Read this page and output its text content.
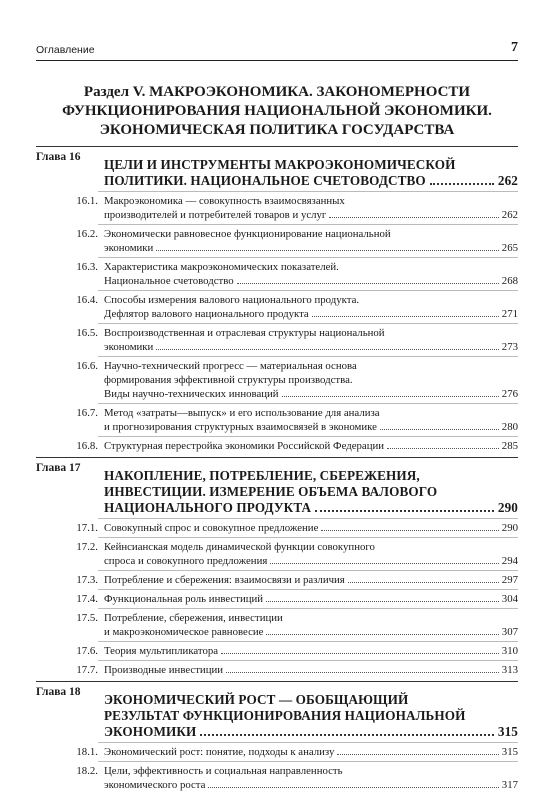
Оглавление	7
Раздел V. МАКРОЭКОНОМИКА. ЗАКОНОМЕРНОСТИ
ФУНКЦИОНИРОВАНИЯ НАЦИОНАЛЬНОЙ ЭКОНОМИКИ.
ЭКОНОМИЧЕСКАЯ ПОЛИТИКА ГОСУДАРСТВА
Глава 16 ЦЕЛИ И ИНСТРУМЕНТЫ МАКРОЭКОНОМИЧЕСКОЙ
ПОЛИТИКИ. НАЦИОНАЛЬНОЕ СЧЕТОВОДСТВО	262
16.1. Макроэкономика — совокупность взаимосвязанных
производителей и потребителей товаров и услуг	262
16.2. Экономически равновесное функционирование национальной
экономики	265
16.3. Характеристика макроэкономических показателей.
Национальное счетоводство	268
16.4. Способы измерения валового национального продукта.
Дефлятор валового национального продукта	271
16.5. Воспроизводственная и отраслевая структуры национальной
экономики	273
16.6. Научно-технический прогресс — материальная основа
формирования эффективной структуры производства.
Виды научно-технических инноваций	276
16.7. Метод «затраты—выпуск» и его использование для анализа
и прогнозирования структурных взаимосвязей в экономике	280
16.8. Структурная перестройка экономики Российской Федерации	285
Глава 17 НАКОПЛЕНИЕ, ПОТРЕБЛЕНИЕ, СБЕРЕЖЕНИЯ,
ИНВЕСТИЦИИ. ИЗМЕРЕНИЕ ОБЪЕМА ВАЛОВОГО
НАЦИОНАЛЬНОГО ПРОДУКТА	290
17.1. Совокупный спрос и совокупное предложение	290
17.2. Кейнсианская модель динамической функции совокупного
спроса и совокупного предложения	294
17.3. Потребление и сбережения: взаимосвязи и различия	297
17.4. Функциональная роль инвестиций	304
17.5. Потребление, сбережения, инвестиции
и макроэкономическое равновесие	307
17.6. Теория мультипликатора	310
17.7. Производные инвестиции	313
Глава 18 ЭКОНОМИЧЕСКИЙ РОСТ — ОБОБЩАЮЩИЙ
РЕЗУЛЬТАТ ФУНКЦИОНИРОВАНИЯ НАЦИОНАЛЬНОЙ
ЭКОНОМИКИ	315
18.1. Экономический рост: понятие, подходы к анализу	315
18.2. Цели, эффективность и социальная направленность
экономического роста	317
